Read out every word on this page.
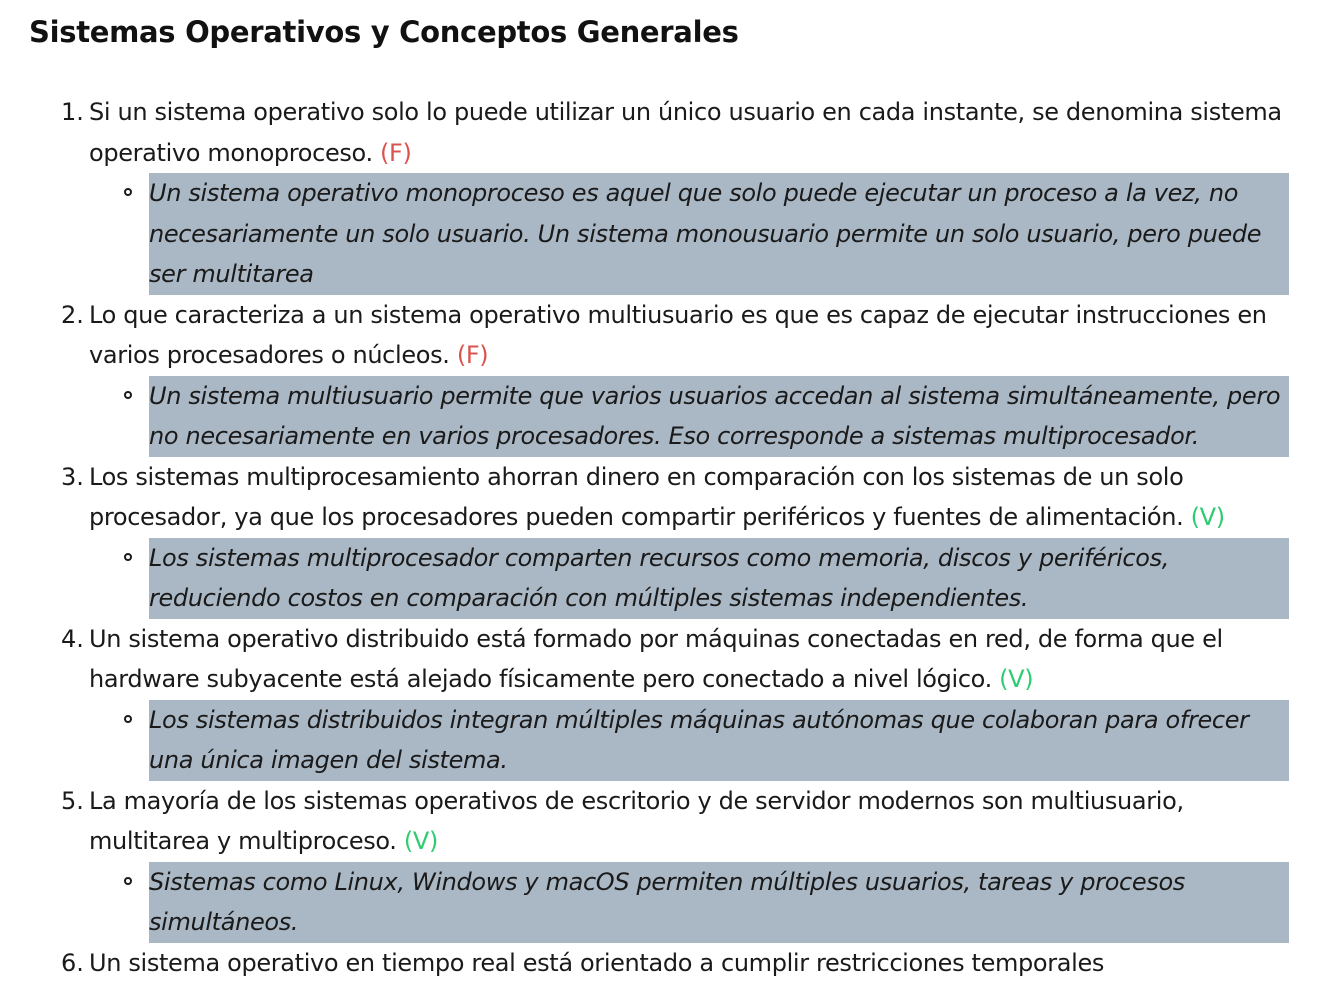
Sistemas Operativos y Conceptos Generales
1. Si un sistema operativo solo lo puede utilizar un único usuario en cada instante, se denomina sistema operativo monoproceso. (F)

Un sistema operativo monoproceso es aquel que solo puede ejecutar un proceso a la vez, no necesariamente un solo usuario. Un sistema monousuario permite un solo usuario, pero puede ser multitarea

2. Lo que caracteriza a un sistema operativo multiusuario es que es capaz de ejecutar instrucciones en varios procesadores o núcleos. (F)

Un sistema multiusuario permite que varios usuarios accedan al sistema simultáneamente, pero no necesariamente en varios procesadores. Eso corresponde a sistemas multiprocesador.

3. Los sistemas multiprocesamiento ahorran dinero en comparación con los sistemas de un solo procesador, ya que los procesadores pueden compartir periféricos y fuentes de alimentación. (V)

Los sistemas multiprocesador comparten recursos como memoria, discos y periféricos, reduciendo costos en comparación con múltiples sistemas independientes.

4. Un sistema operativo distribuido está formado por máquinas conectadas en red, de forma que el hardware subyacente está alejado físicamente pero conectado a nivel lógico. (V)

Los sistemas distribuidos integran múltiples máquinas autónomas que colaboran para ofrecer una única imagen del sistema.

5. La mayoría de los sistemas operativos de escritorio y de servidor modernos son multiusuario, multitarea y multiproceso. (V)

Sistemas como Linux, Windows y macOS permiten múltiples usuarios, tareas y procesos simultáneos.

6. Un sistema operativo en tiempo real está orientado a cumplir restricciones temporales
